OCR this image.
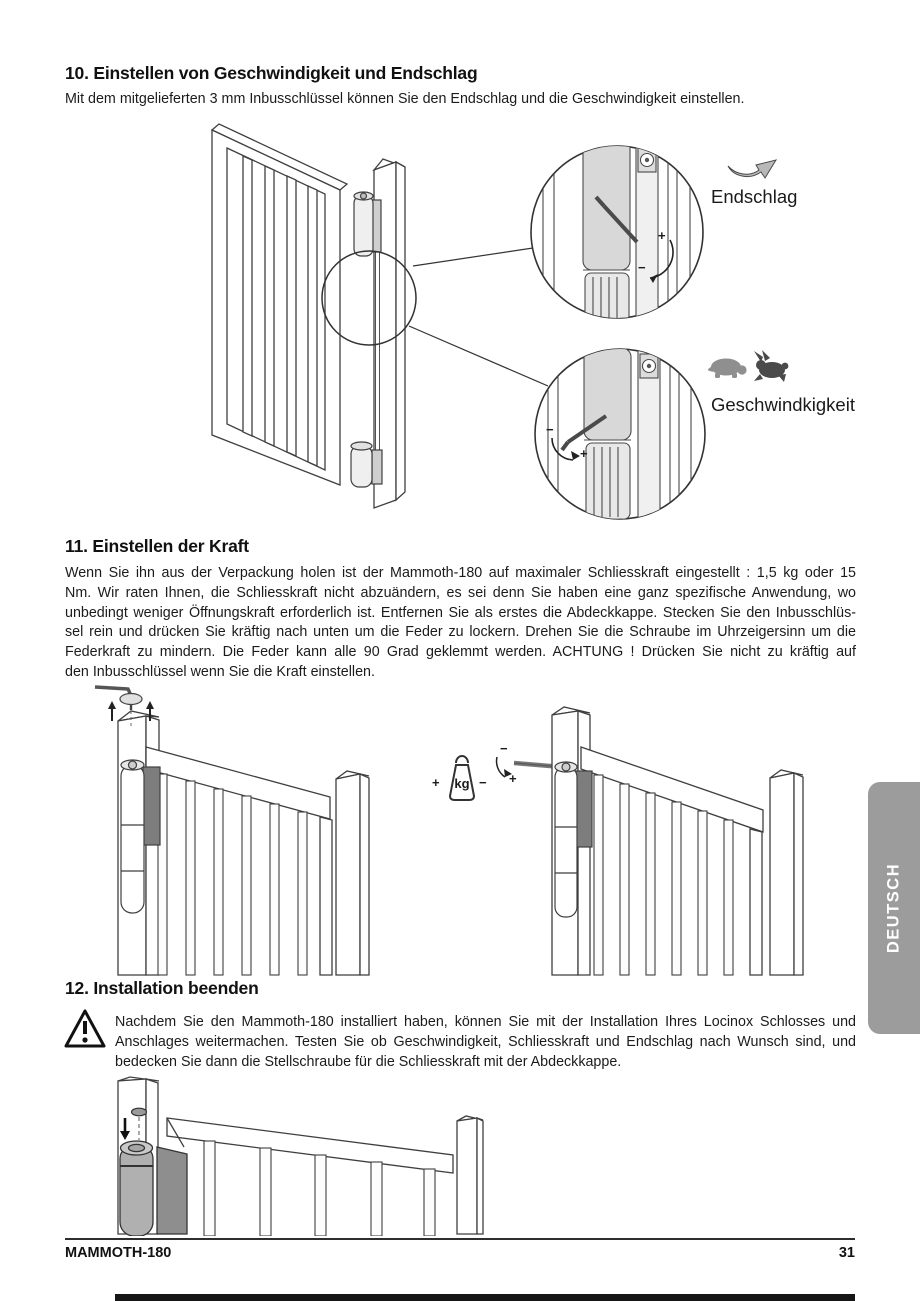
10. Einstellen von Geschwindigkeit und Endschlag
Mit dem mitgelieferten 3 mm Inbusschlüssel können Sie den Endschlag und die Geschwindigkeit einstellen.
+
−
−
+
Endschlag
Geschwindkigkeit
11. Einstellen der Kraft
Wenn Sie ihn aus der Verpackung holen ist der Mammoth-180 auf maximaler Schliesskraft eingestellt : 1,5 kg oder 15
Nm. Wir raten Ihnen, die Schliesskraft nicht abzuändern, es sei denn Sie haben eine ganz spezifische Anwendung, wo
unbedingt weniger Öffnungskraft erforderlich ist. Entfernen Sie als erstes die Abdeckkappe. Stecken Sie den Inbusschlüs-
sel rein und drücken Sie kräftig nach unten um die Feder zu lockern. Drehen Sie die Schraube im Uhrzeigersinn um die
Federkraft zu mindern. Die Feder kann alle 90 Grad geklemmt werden. ACHTUNG ! Drücken Sie nicht zu kräftig auf
den Inbusschlüssel wenn Sie die Kraft einstellen.
+ kg −
−
+
DEUTSCH
12. Installation beenden
Nachdem Sie den Mammoth-180 installiert haben, können Sie mit der Installation Ihres Locinox Schlosses und
Anschlages weitermachen. Testen Sie ob Geschwindigkeit, Schliesskraft und Endschlag nach Wunsch sind, und
bedecken Sie dann die Stellschraube für die Schliesskraft mit der Abdeckkappe.
MAMMOTH-180	31
